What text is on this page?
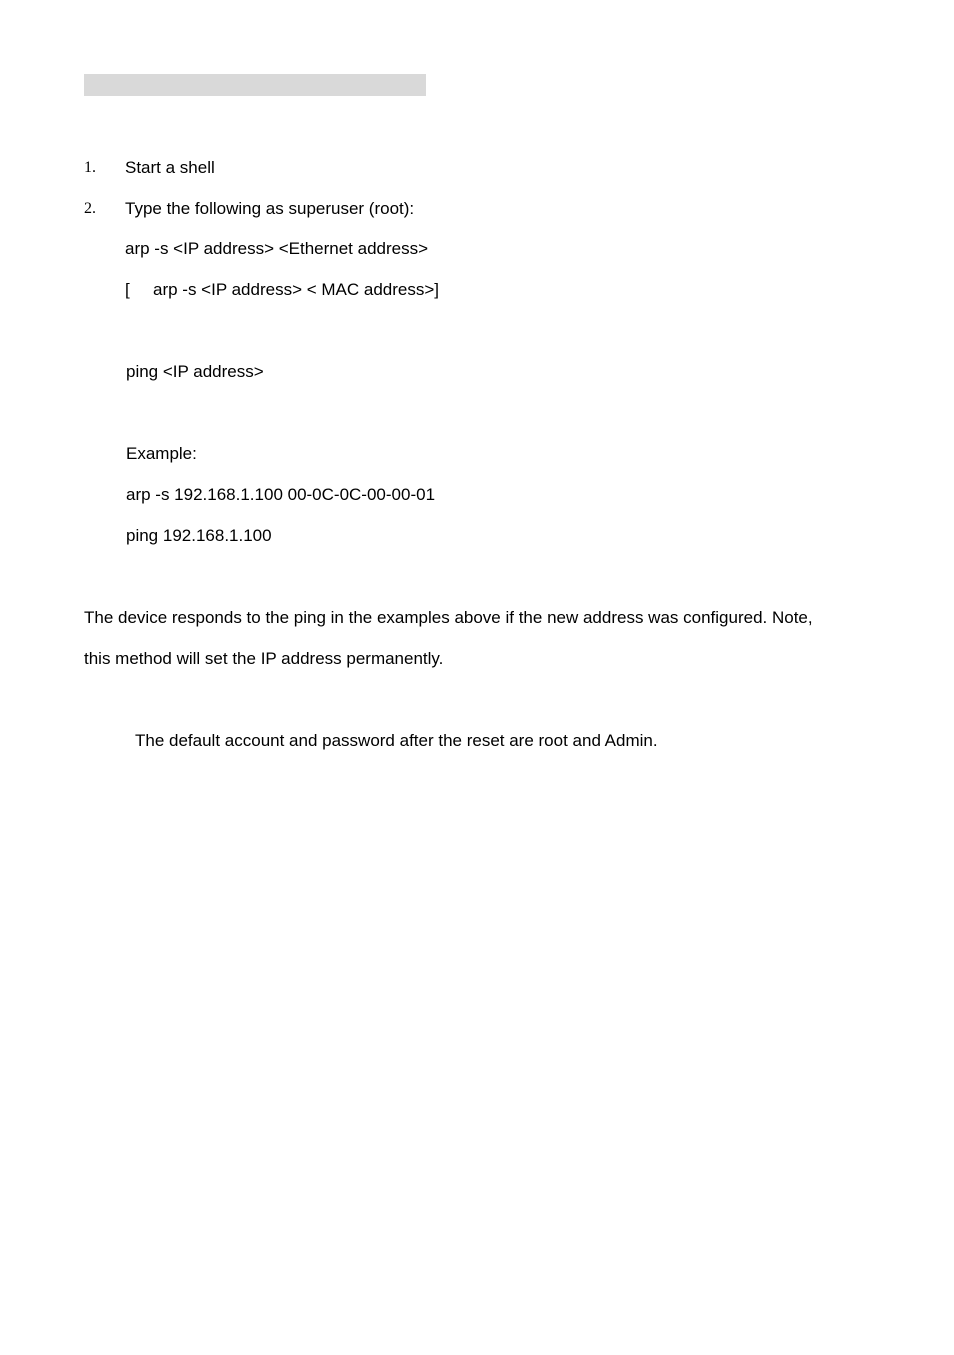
1. Start a shell
2. Type the following as superuser (root):
arp -s <IP address> <Ethernet address>
[ arp -s <IP address> < MAC address>]
ping <IP address>
Example:
arp -s 192.168.1.100 00-0C-0C-00-00-01
ping 192.168.1.100
The device responds to the ping in the examples above if the new address was configured. Note,
this method will set the IP address permanently.
The default account and password after the reset are root and Admin.
